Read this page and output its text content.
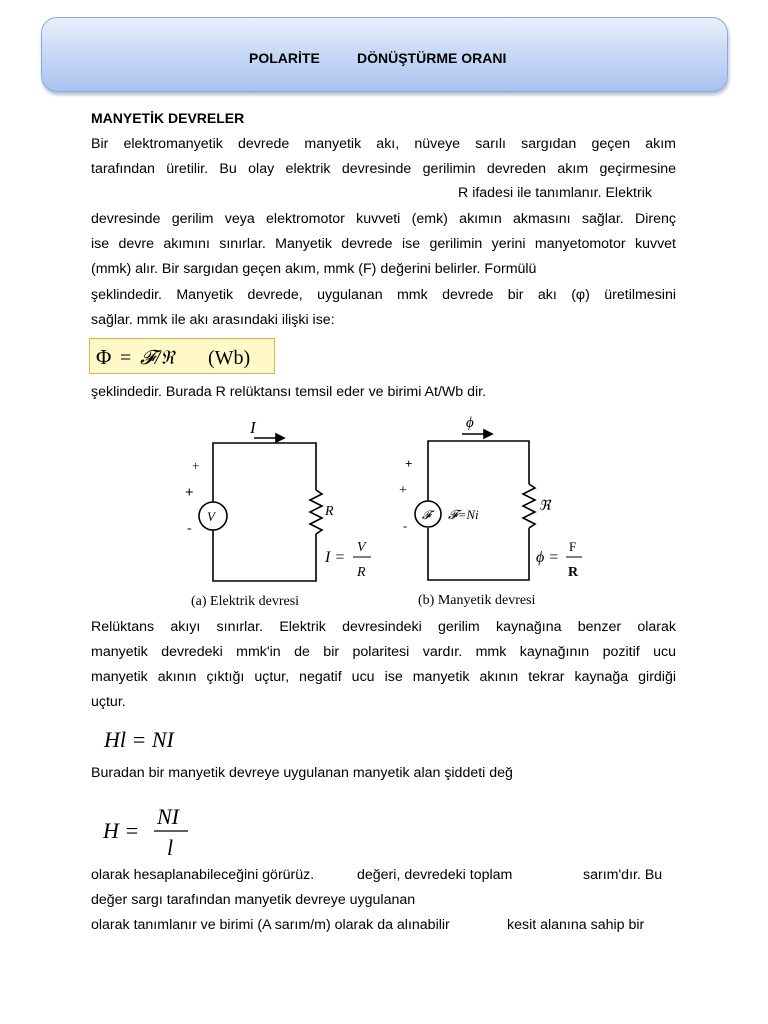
POLARİTE	DÖNÜŞTÜRME ORANI
MANYETİK DEVRELER

Bir elektromanyetik devrede manyetik akı, nüveye sarılı sargıdan geçen akım

tarafından üretilir. Bu olay elektrik devresinde gerilimin devreden akım geçirmesine

R ifadesi ile tanımlanır. Elektrik

devresinde gerilim veya elektromotor kuvveti (emk) akımın akmasını sağlar. Direnç

ise devre akımını sınırlar. Manyetik devrede ise gerilimin yerini manyetomotor kuvvet

(mmk) alır. Bir sargıdan geçen akım, mmk (F) değerini belirler. Formülü

şeklindedir. Manyetik devrede, uygulanan mmk devrede bir akı (φ) üretilmesini

sağlar. mmk ile akı arasındaki ilişki ise:
Φ = 𝓕/ℜ (Wb)
şeklindedir. Burada R relüktansı temsil eder ve birimi At/Wb dir.
I
+
+
-
V	R
I =
V
R
(a) Elektrik devresi
ϕ
+
+
-
𝓕	𝓕=Ni
ℜ
ϕ =
F
R
(b) Manyetik devresi

Relüktans akıyı sınırlar. Elektrik devresindeki gerilim kaynağına benzer olarak

manyetik devredeki mmk'in de bir polaritesi vardır. mmk kaynağının pozitif ucu

manyetik akının çıktığı uçtur, negatif ucu ise manyetik akının tekrar kaynağa girdiği

uçtur.
Hl = NI
Buradan bir manyetik devreye uygulanan manyetik alan şiddeti değ
H =
NI
l
olarak hesaplanabileceğini görürüz.	değeri, devredeki toplam	sarım'dır. Bu
değer sargı tarafından manyetik devreye uygulanan
olarak tanımlanır ve birimi (A sarım/m) olarak da alınabilir	kesit alanına sahip bir
